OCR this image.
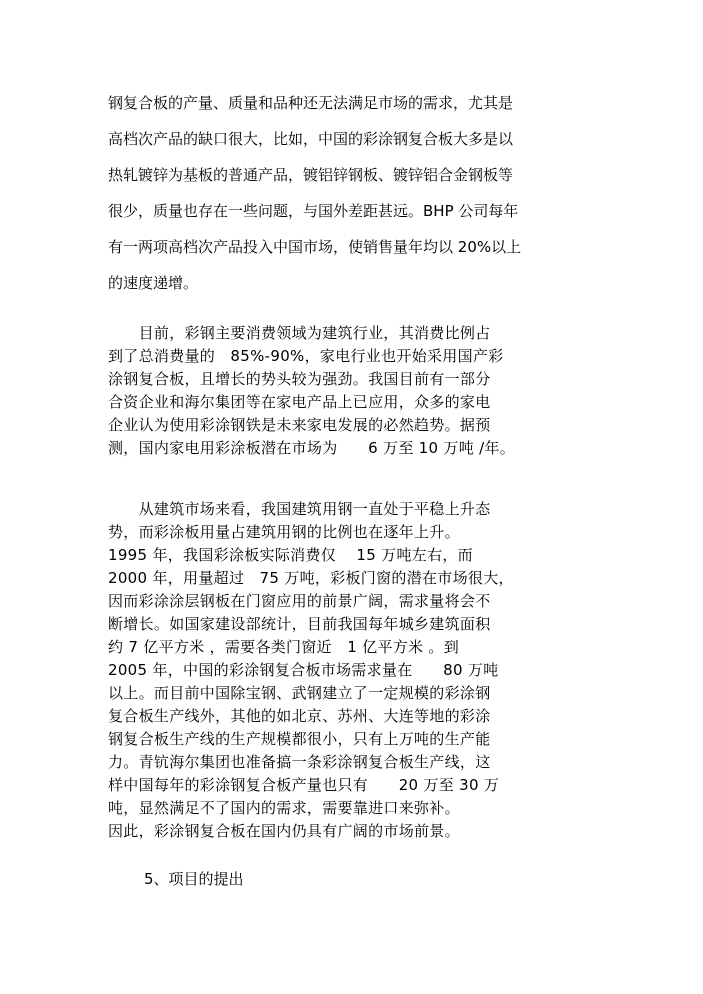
钢复合板的产量、质量和品种还无法满足市场的需求，尤其是

高档次产品的缺口很大，比如，中国的彩涂钢复合板大多是以

热轧镀锌为基板的普通产品，镀铝锌钢板、镀锌铝合金钢板等

很少，质量也存在一些问题，与国外差距甚远。BHP 公司每年

有一两项高档次产品投入中国市场，使销售量年均以 20%以上

的速度递增。

　　目前，彩钢主要消费领域为建筑行业，其消费比例占

到了总消费量的　85%-90%，家电行业也开始采用国产彩

涂钢复合板，且增长的势头较为强劲。我国目前有一部分

合资企业和海尔集团等在家电产品上已应用，众多的家电

企业认为使用彩涂钢铁是未来家电发展的必然趋势。据预

测，国内家电用彩涂板潜在市场为　　6 万至 10 万吨 /年。

　　从建筑市场来看，我国建筑用钢一直处于平稳上升态

势，而彩涂板用量占建筑用钢的比例也在逐年上升。

1995 年，我国彩涂板实际消费仅　 15 万吨左右，而

2000 年，用量超过　75 万吨，彩板门窗的潜在市场很大，

因而彩涂涂层钢板在门窗应用的前景广阔，需求量将会不

断增长。如国家建设部统计，目前我国每年城乡建筑面积

约 7 亿平方米 ，需要各类门窗近　1 亿平方米 。到

2005 年，中国的彩涂钢复合板市场需求量在　　80 万吨

以上。而目前中国除宝钢、武钢建立了一定规模的彩涂钢

复合板生产线外，其他的如北京、苏州、大连等地的彩涂

钢复合板生产线的生产规模都很小，只有上万吨的生产能

力。青钪海尔集团也准备搞一条彩涂钢复合板生产线，这

样中国每年的彩涂钢复合板产量也只有　　20 万至 30 万

吨，显然满足不了国内的需求，需要靠进口来弥补。

因此，彩涂钢复合板在国内仍具有广阔的市场前景。

5、项目的提出
